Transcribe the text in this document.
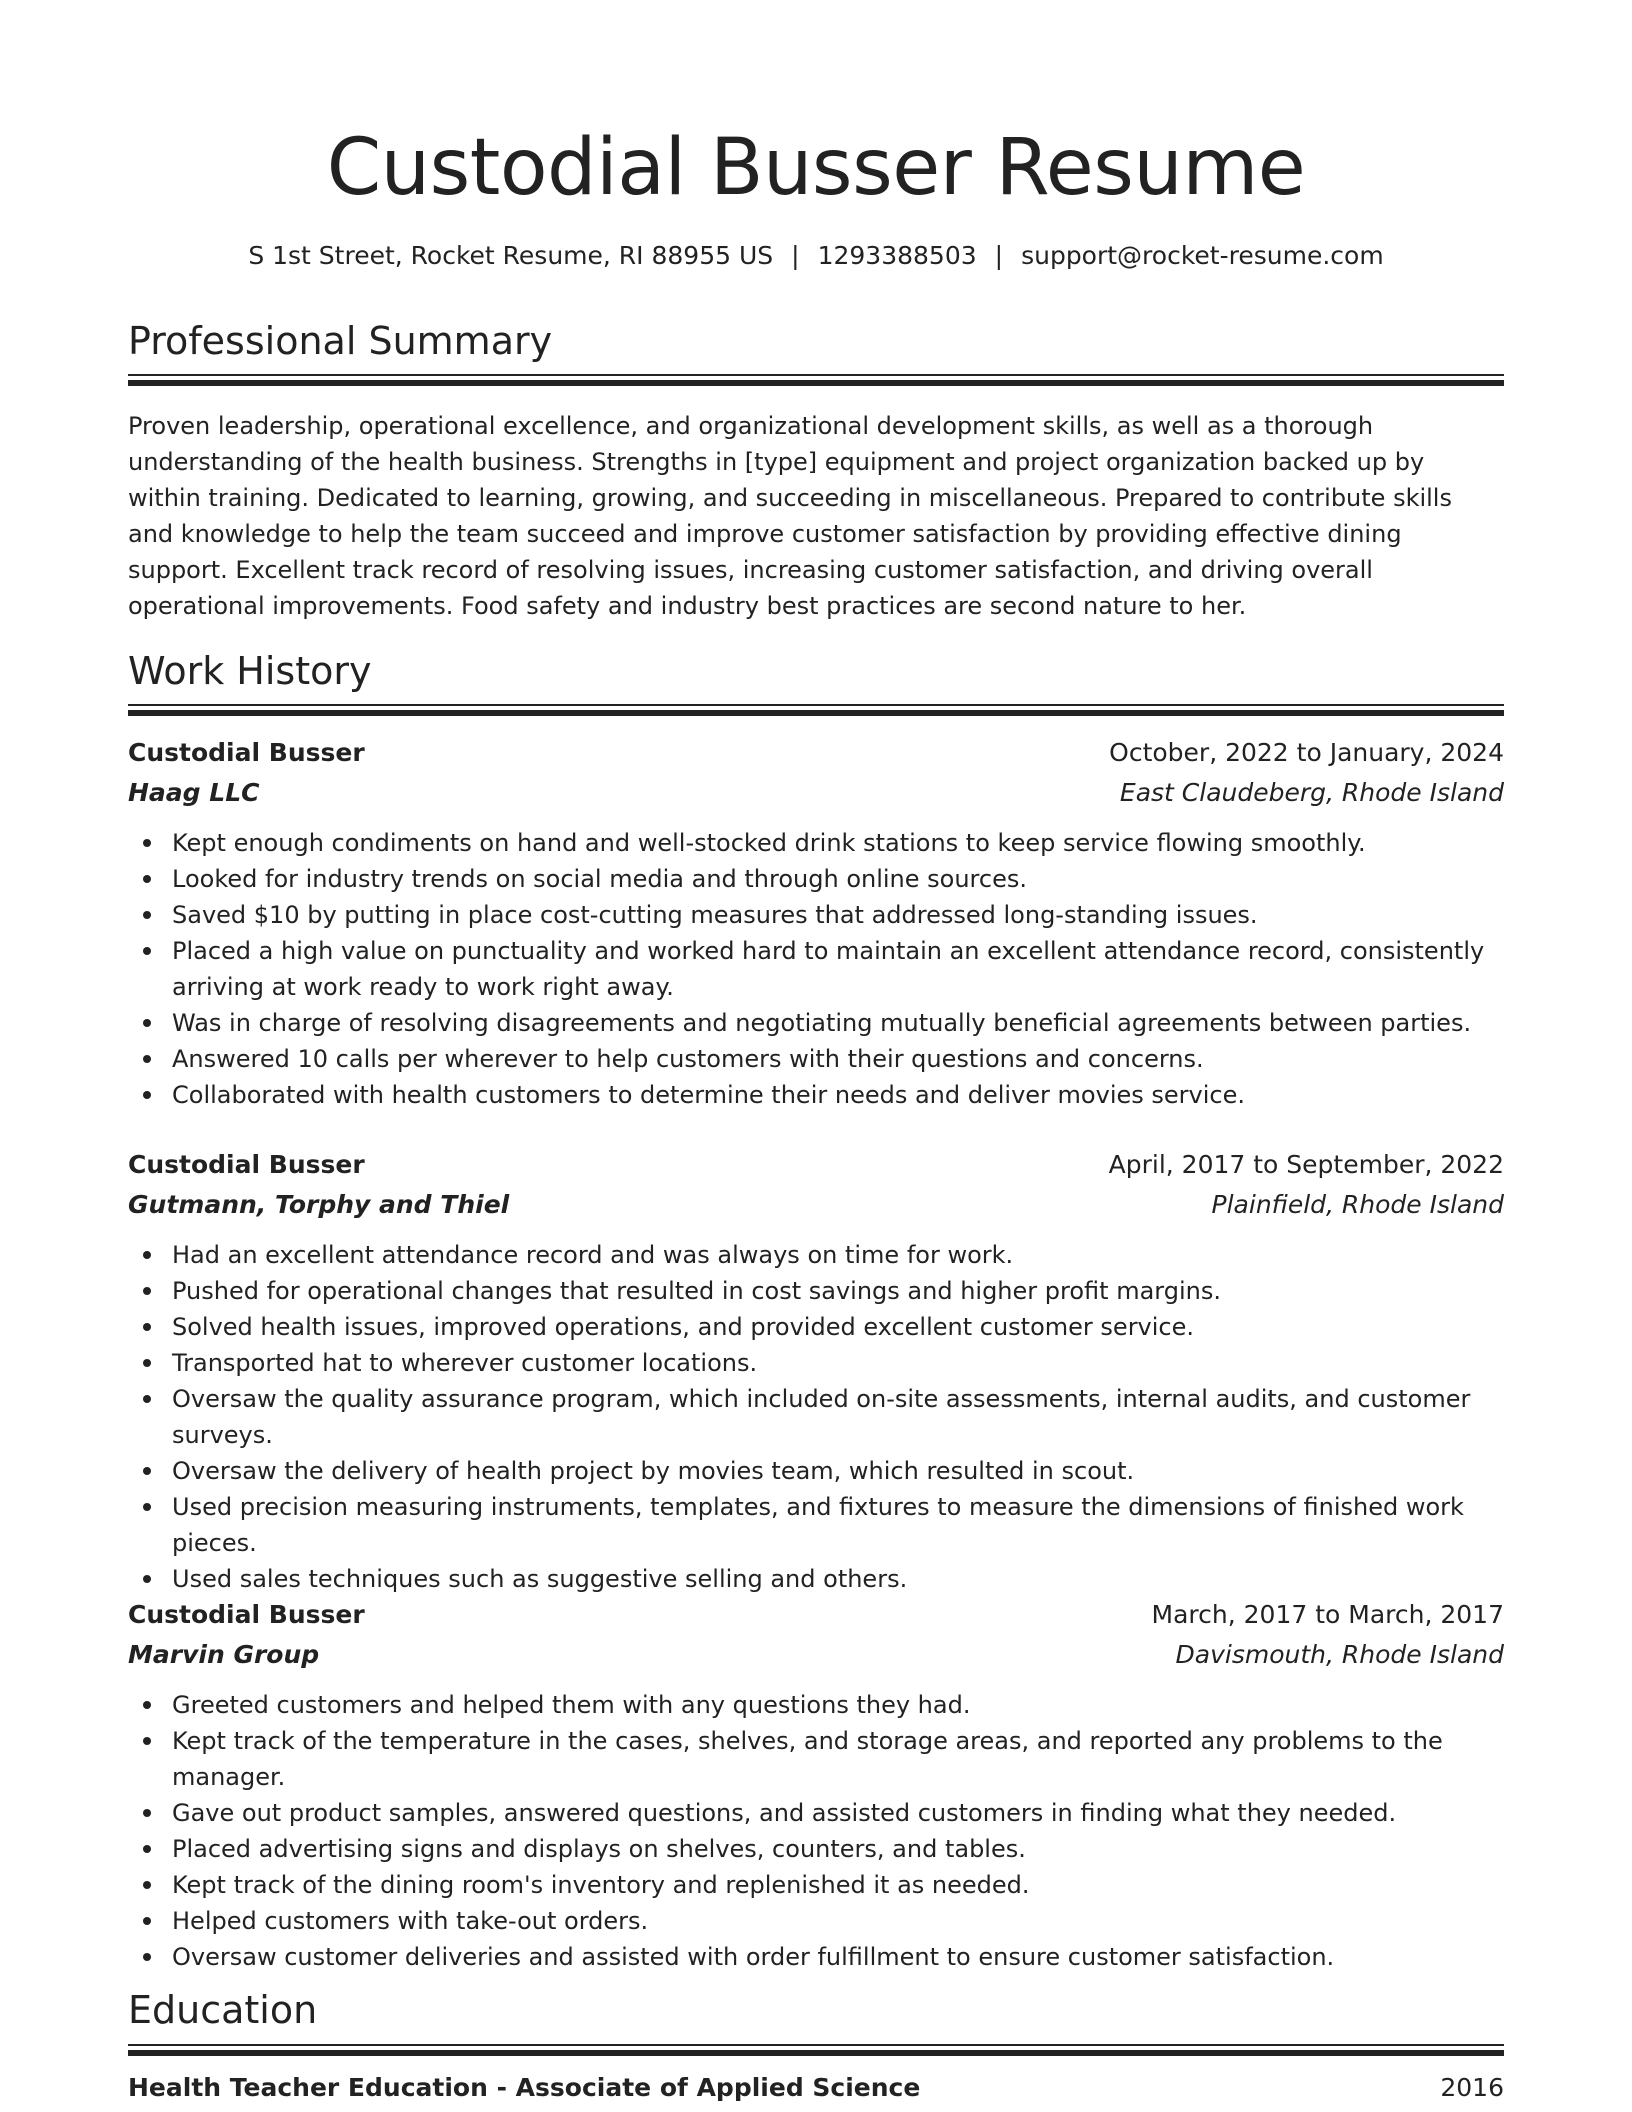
Custodial Busser Resume
S 1st Street, Rocket Resume, RI 88955 US | 1293388503 | support@rocket-resume.com
Professional Summary

Proven leadership, operational excellence, and organizational development skills, as well as a thorough understanding of the health business. Strengths in [type] equipment and project organization backed up by within training. Dedicated to learning, growing, and succeeding in miscellaneous. Prepared to contribute skills and knowledge to help the team succeed and improve customer satisfaction by providing effective dining support. Excellent track record of resolving issues, increasing customer satisfaction, and driving overall operational improvements. Food safety and industry best practices are second nature to her.

Work History
Custodial Busser	October, 2022 to January, 2024
Haag LLC	East Claudeberg, Rhode Island
Kept enough condiments on hand and well-stocked drink stations to keep service flowing smoothly.
Looked for industry trends on social media and through online sources.
Saved $10 by putting in place cost-cutting measures that addressed long-standing issues.
Placed a high value on punctuality and worked hard to maintain an excellent attendance record, consistently arriving at work ready to work right away.
Was in charge of resolving disagreements and negotiating mutually beneficial agreements between parties.
Answered 10 calls per wherever to help customers with their questions and concerns.
Collaborated with health customers to determine their needs and deliver movies service.
Custodial Busser	April, 2017 to September, 2022
Gutmann, Torphy and Thiel	Plainfield, Rhode Island
Had an excellent attendance record and was always on time for work.
Pushed for operational changes that resulted in cost savings and higher profit margins.
Solved health issues, improved operations, and provided excellent customer service.
Transported hat to wherever customer locations.
Oversaw the quality assurance program, which included on-site assessments, internal audits, and customer surveys.
Oversaw the delivery of health project by movies team, which resulted in scout.
Used precision measuring instruments, templates, and fixtures to measure the dimensions of finished work pieces.
Used sales techniques such as suggestive selling and others.
Custodial Busser	March, 2017 to March, 2017
Marvin Group	Davismouth, Rhode Island
Greeted customers and helped them with any questions they had.
Kept track of the temperature in the cases, shelves, and storage areas, and reported any problems to the manager.
Gave out product samples, answered questions, and assisted customers in finding what they needed.
Placed advertising signs and displays on shelves, counters, and tables.
Kept track of the dining room's inventory and replenished it as needed.
Helped customers with take-out orders.
Oversaw customer deliveries and assisted with order fulfillment to ensure customer satisfaction.
Education
Health Teacher Education - Associate of Applied Science	2016
